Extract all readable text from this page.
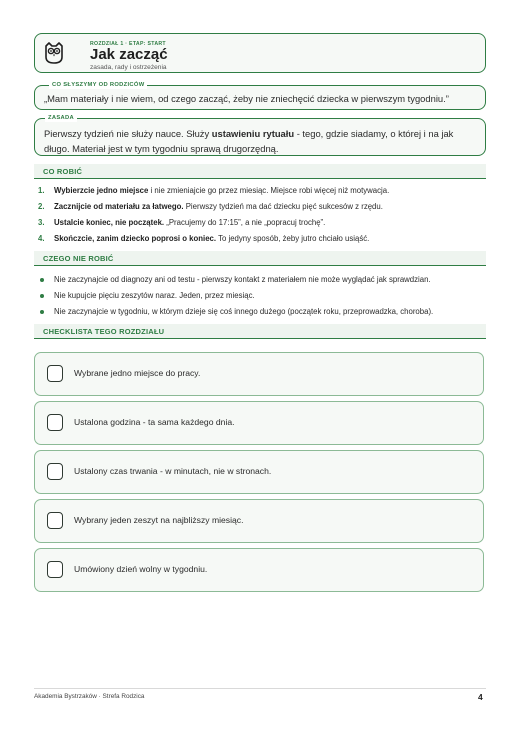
ROZDZIAŁ 1 · ETAP: START
Jak zacząć
zasada, rady i ostrzeżenia
CO SŁYSZYMY OD RODZICÓW
„Mam materiały i nie wiem, od czego zacząć, żeby nie zniechęcić dziecka w pierwszym tygodniu.”
ZASADA
Pierwszy tydzień nie służy nauce. Służy ustawieniu rytuału - tego, gdzie siadamy, o której i na jak długo. Materiał jest w tym tygodniu sprawą drugorzędną.
CO ROBIĆ
1. Wybierzcie jedno miejsce i nie zmieniajcie go przez miesiąc. Miejsce robi więcej niż motywacja.
2. Zacznijcie od materiału za łatwego. Pierwszy tydzień ma dać dziecku pięć sukcesów z rzędu.
3. Ustalcie koniec, nie początek. „Pracujemy do 17:15”, a nie „popracuj trochę”.
4. Skończcie, zanim dziecko poprosi o koniec. To jedyny sposób, żeby jutro chciało usiąść.
CZEGO NIE ROBIĆ
Nie zaczynajcie od diagnozy ani od testu - pierwszy kontakt z materiałem nie może wyglądać jak sprawdzian.
Nie kupujcie pięciu zeszytów naraz. Jeden, przez miesiąc.
Nie zaczynajcie w tygodniu, w którym dzieje się coś innego dużego (początek roku, przeprowadzka, choroba).
CHECKLISTA TEGO ROZDZIAŁU
Wybrane jedno miejsce do pracy.
Ustalona godzina - ta sama każdego dnia.
Ustalony czas trwania - w minutach, nie w stronach.
Wybrany jeden zeszyt na najbliższy miesiąc.
Umówiony dzień wolny w tygodniu.
Akademia Bystrzaków · Strefa Rodzica	4
